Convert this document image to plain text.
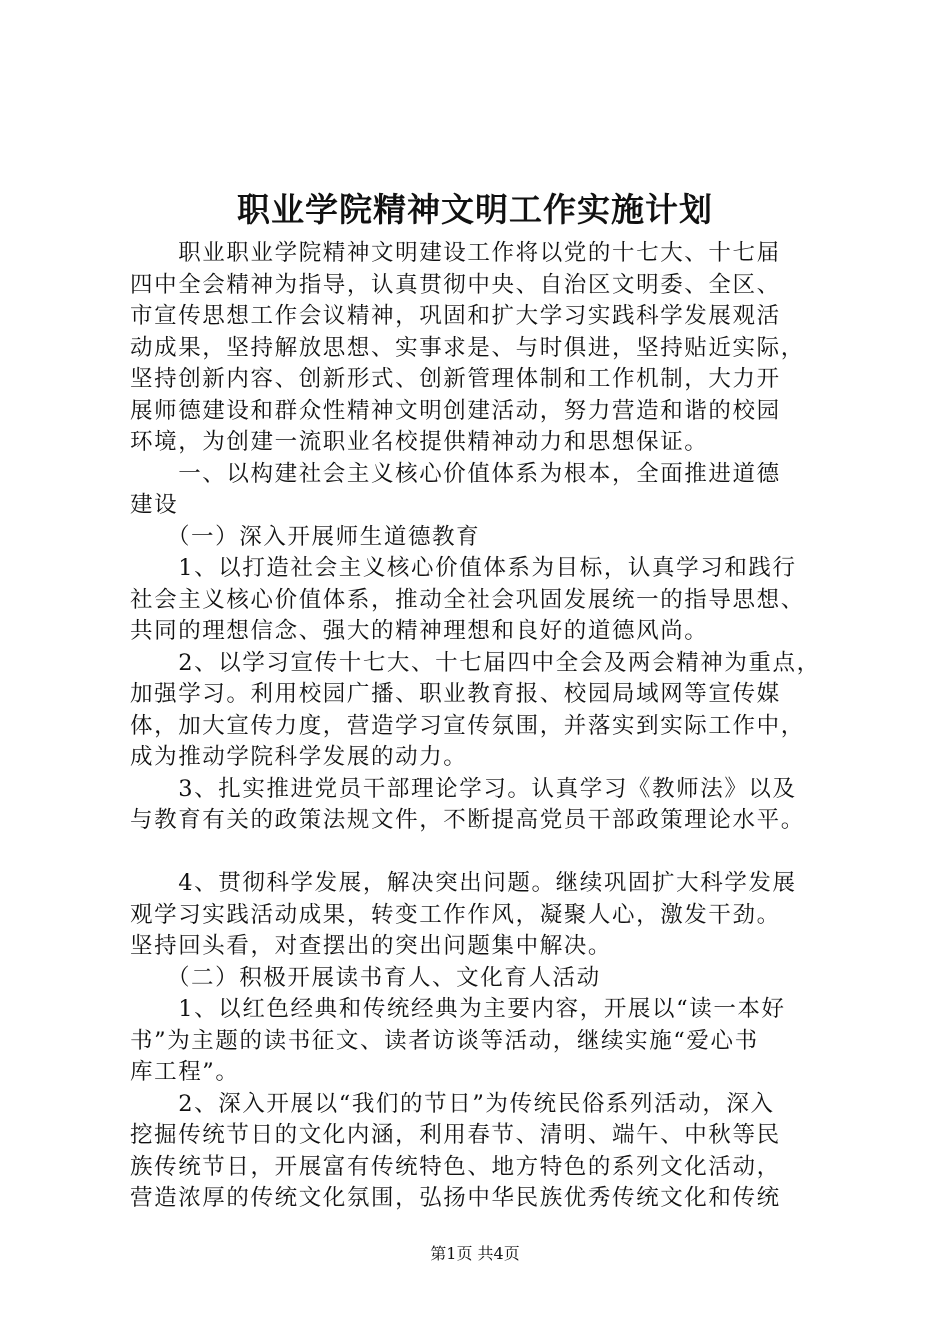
职业学院精神文明工作实施计划
　　职业职业学院精神文明建设工作将以党的十七大、十七届
四中全会精神为指导，认真贯彻中央、自治区文明委、全区、
市宣传思想工作会议精神，巩固和扩大学习实践科学发展观活
动成果，坚持解放思想、实事求是、与时俱进，坚持贴近实际，
坚持创新内容、创新形式、创新管理体制和工作机制，大力开
展师德建设和群众性精神文明创建活动，努力营造和谐的校园
环境，为创建一流职业名校提供精神动力和思想保证。
　　一、以构建社会主义核心价值体系为根本，全面推进道德
建设
　　（一）深入开展师生道德教育
　　1、以打造社会主义核心价值体系为目标，认真学习和践行
社会主义核心价值体系，推动全社会巩固发展统一的指导思想、
共同的理想信念、强大的精神理想和良好的道德风尚。
　　2、以学习宣传十七大、十七届四中全会及两会精神为重点，
加强学习。利用校园广播、职业教育报、校园局域网等宣传媒
体，加大宣传力度，营造学习宣传氛围，并落实到实际工作中，
成为推动学院科学发展的动力。
　　3、扎实推进党员干部理论学习。认真学习《教师法》以及
与教育有关的政策法规文件，不断提高党员干部政策理论水平。
　　4、贯彻科学发展，解决突出问题。继续巩固扩大科学发展
观学习实践活动成果，转变工作作风，凝聚人心，激发干劲。
坚持回头看，对查摆出的突出问题集中解决。
　　（二）积极开展读书育人、文化育人活动
　　1、以红色经典和传统经典为主要内容，开展以“读一本好
书”为主题的读书征文、读者访谈等活动，继续实施“爱心书
库工程”。
　　2、深入开展以“我们的节日”为传统民俗系列活动，深入
挖掘传统节日的文化内涵，利用春节、清明、端午、中秋等民
族传统节日，开展富有传统特色、地方特色的系列文化活动，
营造浓厚的传统文化氛围，弘扬中华民族优秀传统文化和传统
第1页 共4页
